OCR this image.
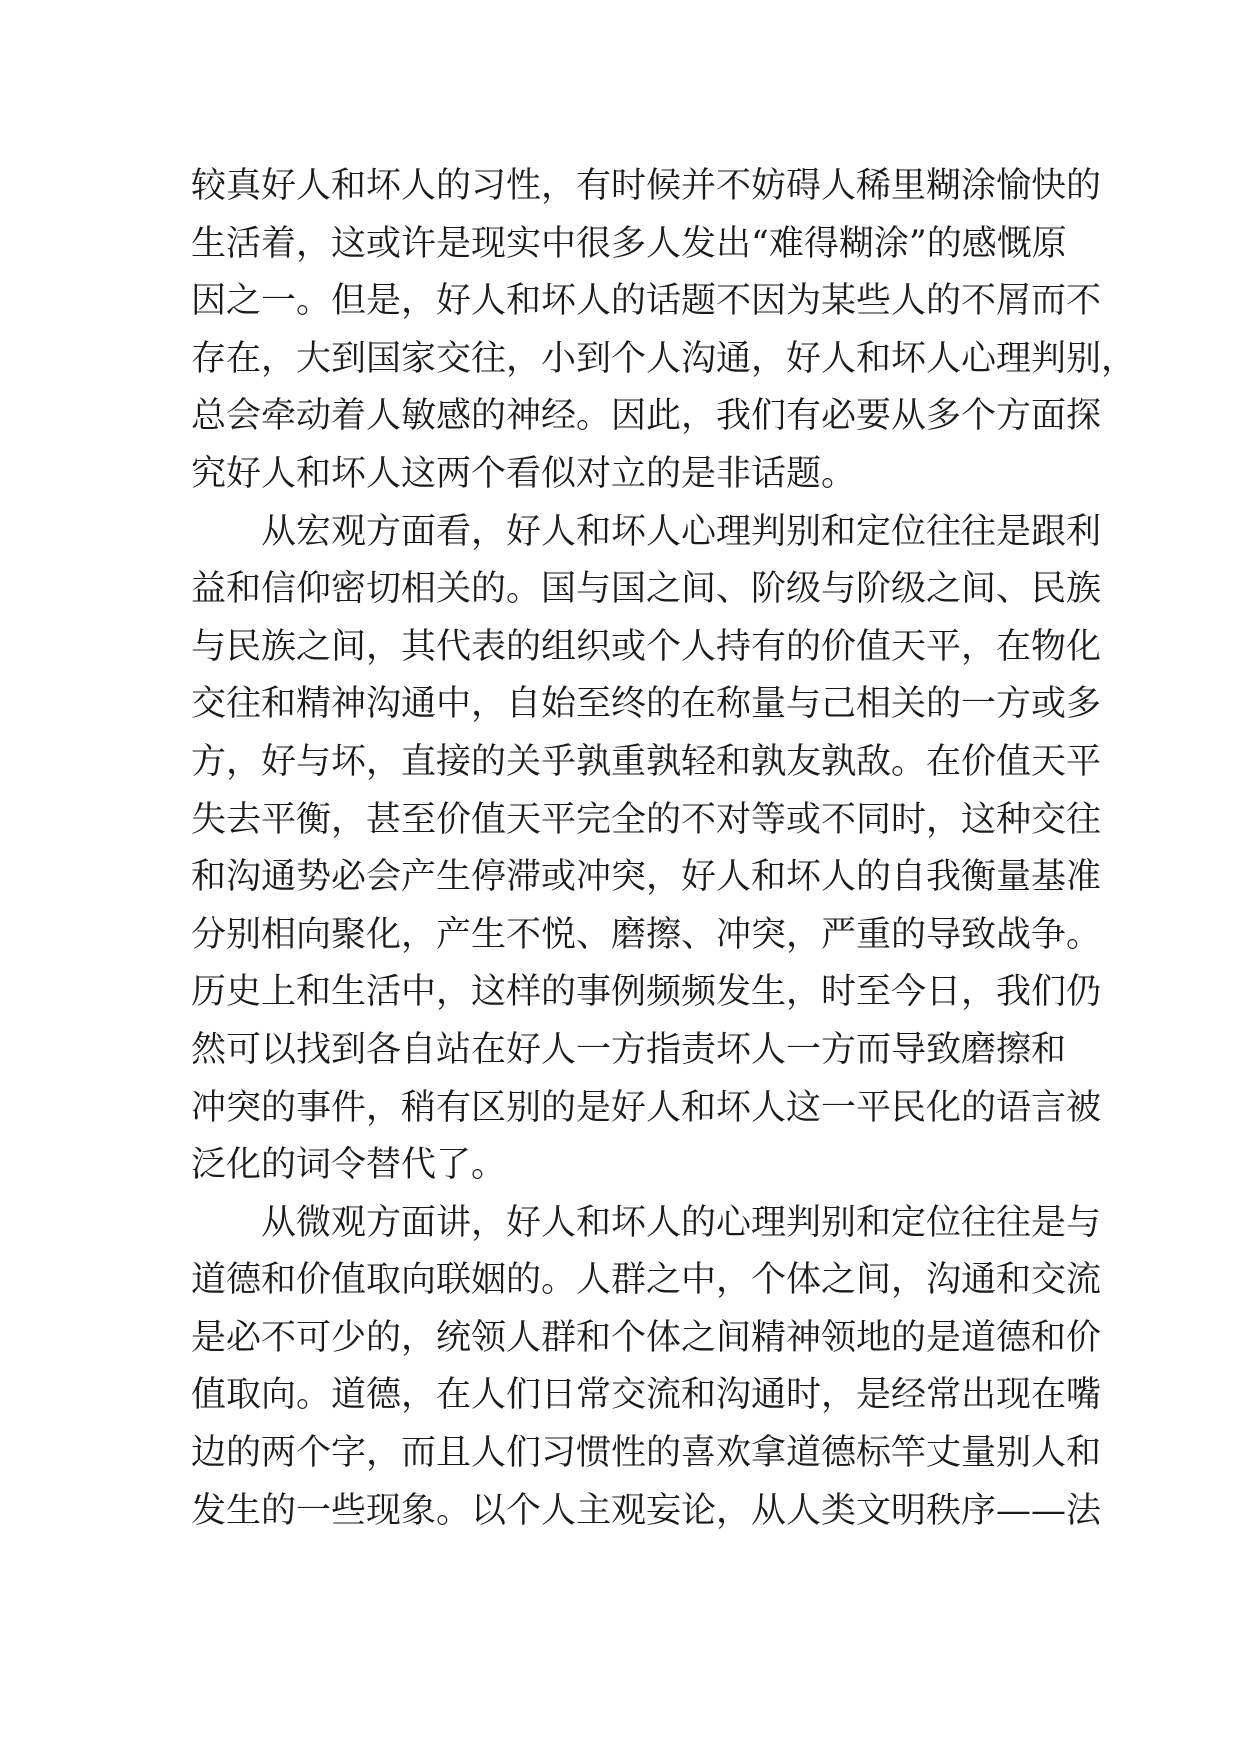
较真好人和坏人的习性，有时候并不妨碍人稀里糊涂愉快的
生活着，这或许是现实中很多人发出“难得糊涂”的感慨原
因之一。但是，好人和坏人的话题不因为某些人的不屑而不
存在，大到国家交往，小到个人沟通，好人和坏人心理判别，
总会牵动着人敏感的神经。因此，我们有必要从多个方面探
究好人和坏人这两个看似对立的是非话题。
从宏观方面看，好人和坏人心理判别和定位往往是跟利
益和信仰密切相关的。国与国之间、阶级与阶级之间、民族
与民族之间，其代表的组织或个人持有的价值天平，在物化
交往和精神沟通中，自始至终的在称量与己相关的一方或多
方，好与坏，直接的关乎孰重孰轻和孰友孰敌。在价值天平
失去平衡，甚至价值天平完全的不对等或不同时，这种交往
和沟通势必会产生停滞或冲突，好人和坏人的自我衡量基准
分别相向聚化，产生不悦、磨擦、冲突，严重的导致战争。
历史上和生活中，这样的事例频频发生，时至今日，我们仍
然可以找到各自站在好人一方指责坏人一方而导致磨擦和
冲突的事件，稍有区别的是好人和坏人这一平民化的语言被
泛化的词令替代了。
从微观方面讲，好人和坏人的心理判别和定位往往是与
道德和价值取向联姻的。人群之中，个体之间，沟通和交流
是必不可少的，统领人群和个体之间精神领地的是道德和价
值取向。道德，在人们日常交流和沟通时，是经常出现在嘴
边的两个字，而且人们习惯性的喜欢拿道德标竿丈量别人和
发生的一些现象。以个人主观妄论，从人类文明秩序——法
